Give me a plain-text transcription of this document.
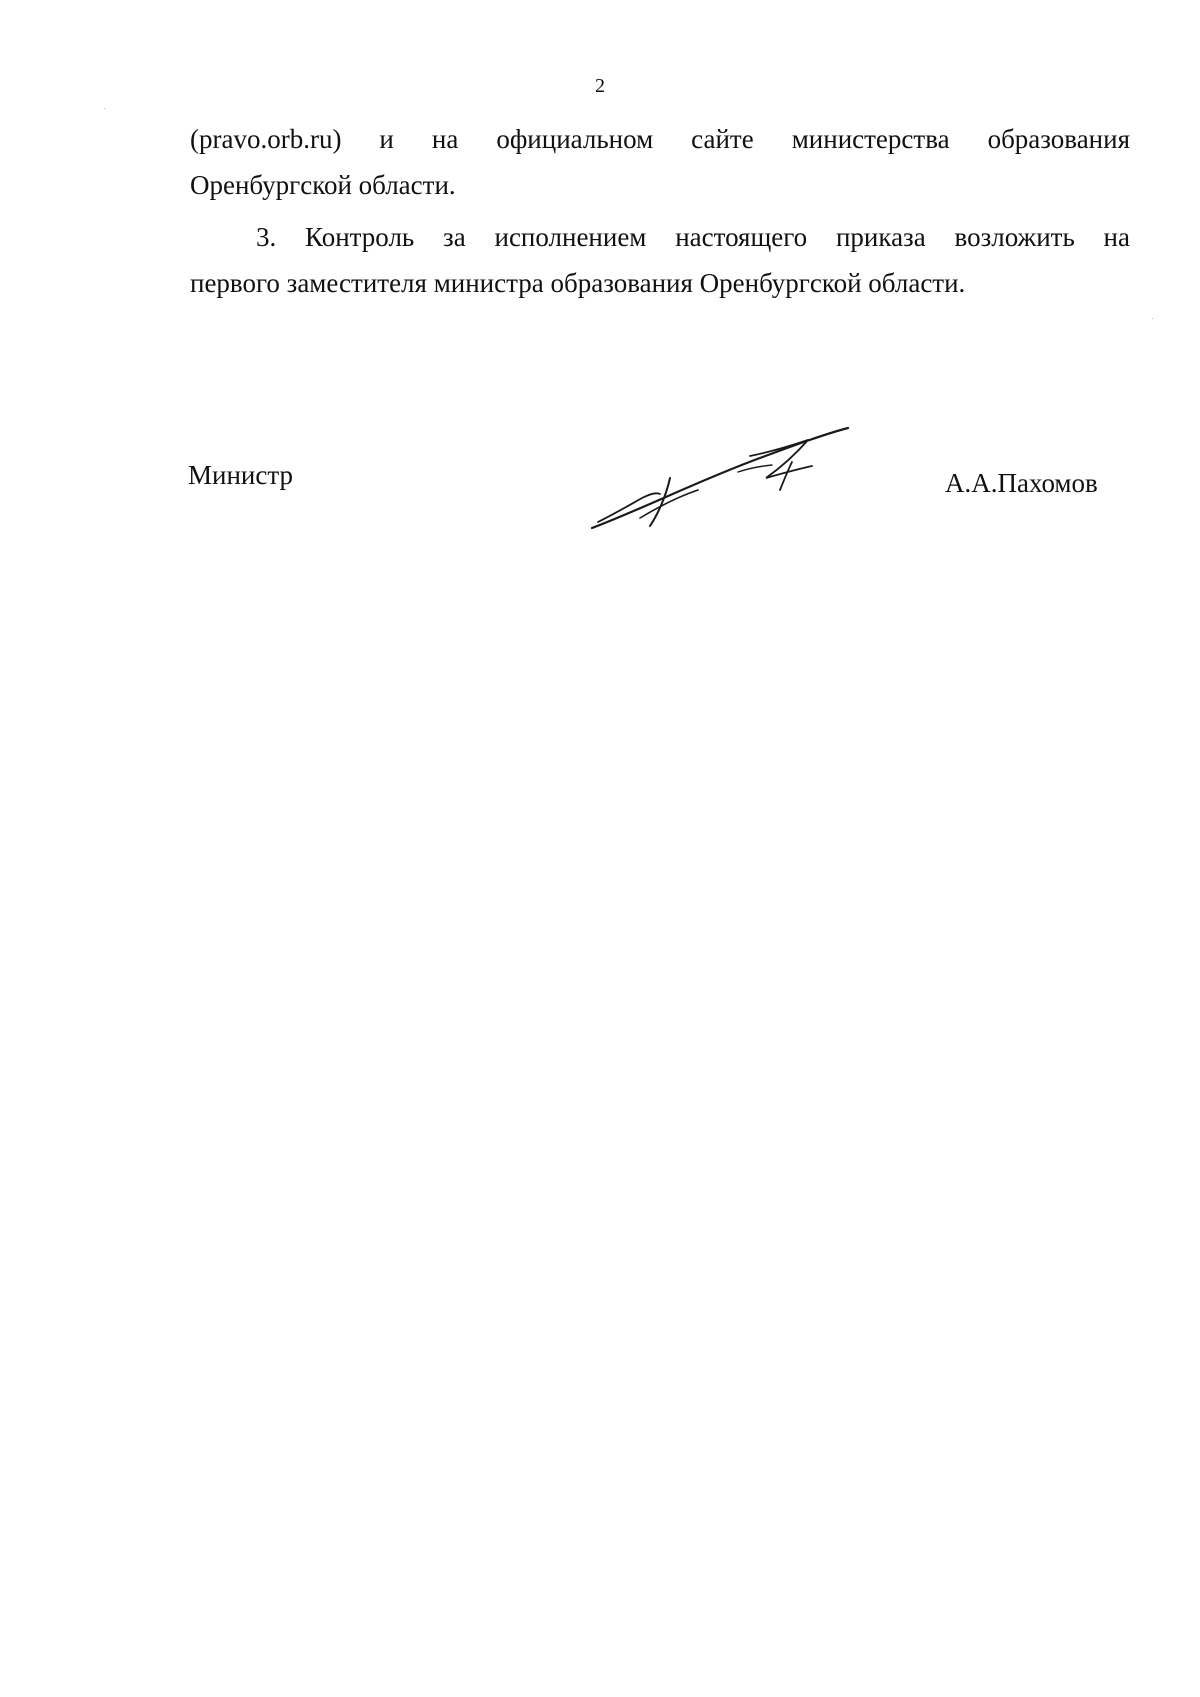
2
(pravo.orb.ru) и на официальном сайте министерства образования
Оренбургской области.
3. Контроль за исполнением настоящего приказа возложить на
первого заместителя министра образования Оренбургской области.
Министр	А.А.Пахомов
